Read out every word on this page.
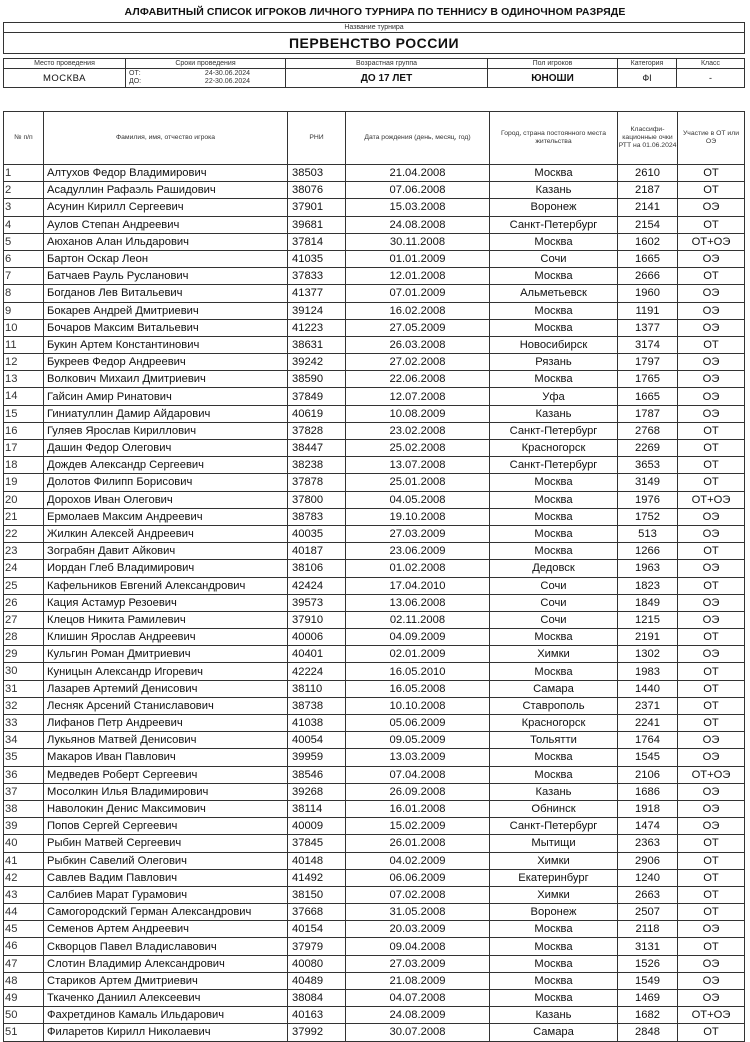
АЛФАВИТНЫЙ СПИСОК ИГРОКОВ ЛИЧНОГО ТУРНИРА ПО ТЕННИСУ В ОДИНОЧНОМ РАЗРЯДЕ
Название турнира					
ПЕРВЕНСТВО РОССИИ					

Место проведения	Сроки проведения	Возрастная группа	Пол игроков	Категория	Класс
МОСКВА	ОТ: 24-30.06.2024
ДО: 22-30.06.2024	ДО 17 ЛЕТ	ЮНОШИ	ФI	-
№ п/п	Фамилия, имя, отчество игрока	РНИ	Дата рождения (день, месяц, год)	Город, страна постоянного места жительства	Классифи-кационные очки РТТ на 01.06.2024	Участие в ОТ или ОЭ
1	Алтухов Федор Владимирович	38503	21.04.2008	Москва	2610	ОТ
2	Асадуллин Рафаэль Рашидович	38076	07.06.2008	Казань	2187	ОТ
3	Асунин Кирилл Сергеевич	37901	15.03.2008	Воронеж	2141	ОЭ
4	Аулов Степан Андреевич	39681	24.08.2008	Санкт-Петербург	2154	ОТ
5	Аюханов Алан Ильдарович	37814	30.11.2008	Москва	1602	ОТ+ОЭ
6	Бартон Оскар Леон	41035	01.01.2009	Сочи	1665	ОЭ
7	Батчаев Рауль Русланович	37833	12.01.2008	Москва	2666	ОТ
8	Богданов Лев Витальевич	41377	07.01.2009	Альметьевск	1960	ОЭ
9	Бокарев Андрей Дмитриевич	39124	16.02.2008	Москва	1191	ОЭ
10	Бочаров Максим Витальевич	41223	27.05.2009	Москва	1377	ОЭ
11	Букин Артем Константинович	38631	26.03.2008	Новосибирск	3174	ОТ
12	Букреев Федор Андреевич	39242	27.02.2008	Рязань	1797	ОЭ
13	Волкович Михаил Дмитриевич	38590	22.06.2008	Москва	1765	ОЭ
14	Гайсин Амир Ринатович	37849	12.07.2008	Уфа	1665	ОЭ
15	Гиниатуллин Дамир Айдарович	40619	10.08.2009	Казань	1787	ОЭ
16	Гуляев Ярослав Кириллович	37828	23.02.2008	Санкт-Петербург	2768	ОТ
17	Дашин Федор Олегович	38447	25.02.2008	Красногорск	2269	ОТ
18	Дождев Александр Сергеевич	38238	13.07.2008	Санкт-Петербург	3653	ОТ
19	Долотов Филипп Борисович	37878	25.01.2008	Москва	3149	ОТ
20	Дорохов Иван Олегович	37800	04.05.2008	Москва	1976	ОТ+ОЭ
21	Ермолаев Максим Андреевич	38783	19.10.2008	Москва	1752	ОЭ
22	Жилкин Алексей Андреевич	40035	27.03.2009	Москва	513	ОЭ
23	Зограбян Давит Айкович	40187	23.06.2009	Москва	1266	ОТ
24	Иордан Глеб Владимирович	38106	01.02.2008	Дедовск	1963	ОЭ
25	Кафельников Евгений Александрович	42424	17.04.2010	Сочи	1823	ОТ
26	Кация Астамур Резоевич	39573	13.06.2008	Сочи	1849	ОЭ
27	Клецов Никита Рамилевич	37910	02.11.2008	Сочи	1215	ОЭ
28	Клишин Ярослав Андреевич	40006	04.09.2009	Москва	2191	ОТ
29	Кульгин Роман Дмитриевич	40401	02.01.2009	Химки	1302	ОЭ
30	Куницын Александр Игоревич	42224	16.05.2010	Москва	1983	ОТ
31	Лазарев Артемий Денисович	38110	16.05.2008	Самара	1440	ОТ
32	Лесняк Арсений Станиславович	38738	10.10.2008	Ставрополь	2371	ОТ
33	Лифанов Петр Андреевич	41038	05.06.2009	Красногорск	2241	ОТ
34	Лукьянов Матвей Денисович	40054	09.05.2009	Тольятти	1764	ОЭ
35	Макаров Иван Павлович	39959	13.03.2009	Москва	1545	ОЭ
36	Медведев Роберт Сергеевич	38546	07.04.2008	Москва	2106	ОТ+ОЭ
37	Мосолкин Илья Владимирович	39268	26.09.2008	Казань	1686	ОЭ
38	Наволокин Денис Максимович	38114	16.01.2008	Обнинск	1918	ОЭ
39	Попов Сергей Сергеевич	40009	15.02.2009	Санкт-Петербург	1474	ОЭ
40	Рыбин Матвей Сергеевич	37845	26.01.2008	Мытищи	2363	ОТ
41	Рыбкин Савелий Олегович	40148	04.02.2009	Химки	2906	ОТ
42	Савлев Вадим Павлович	41492	06.06.2009	Екатеринбург	1240	ОТ
43	Салбиев Марат Гурамович	38150	07.02.2008	Химки	2663	ОТ
44	Самогородский Герман Александрович	37668	31.05.2008	Воронеж	2507	ОТ
45	Семенов Артем Андреевич	40154	20.03.2009	Москва	2118	ОЭ
46	Скворцов Павел Владиславович	37979	09.04.2008	Москва	3131	ОТ
47	Слотин Владимир Александрович	40080	27.03.2009	Москва	1526	ОЭ
48	Стариков Артем Дмитриевич	40489	21.08.2009	Москва	1549	ОЭ
49	Ткаченко Даниил Алексеевич	38084	04.07.2008	Москва	1469	ОЭ
50	Фахретдинов Камаль Ильдарович	40163	24.08.2009	Казань	1682	ОТ+ОЭ
51	Филаретов Кирилл Николаевич	37992	30.07.2008	Самара	2848	ОТ
